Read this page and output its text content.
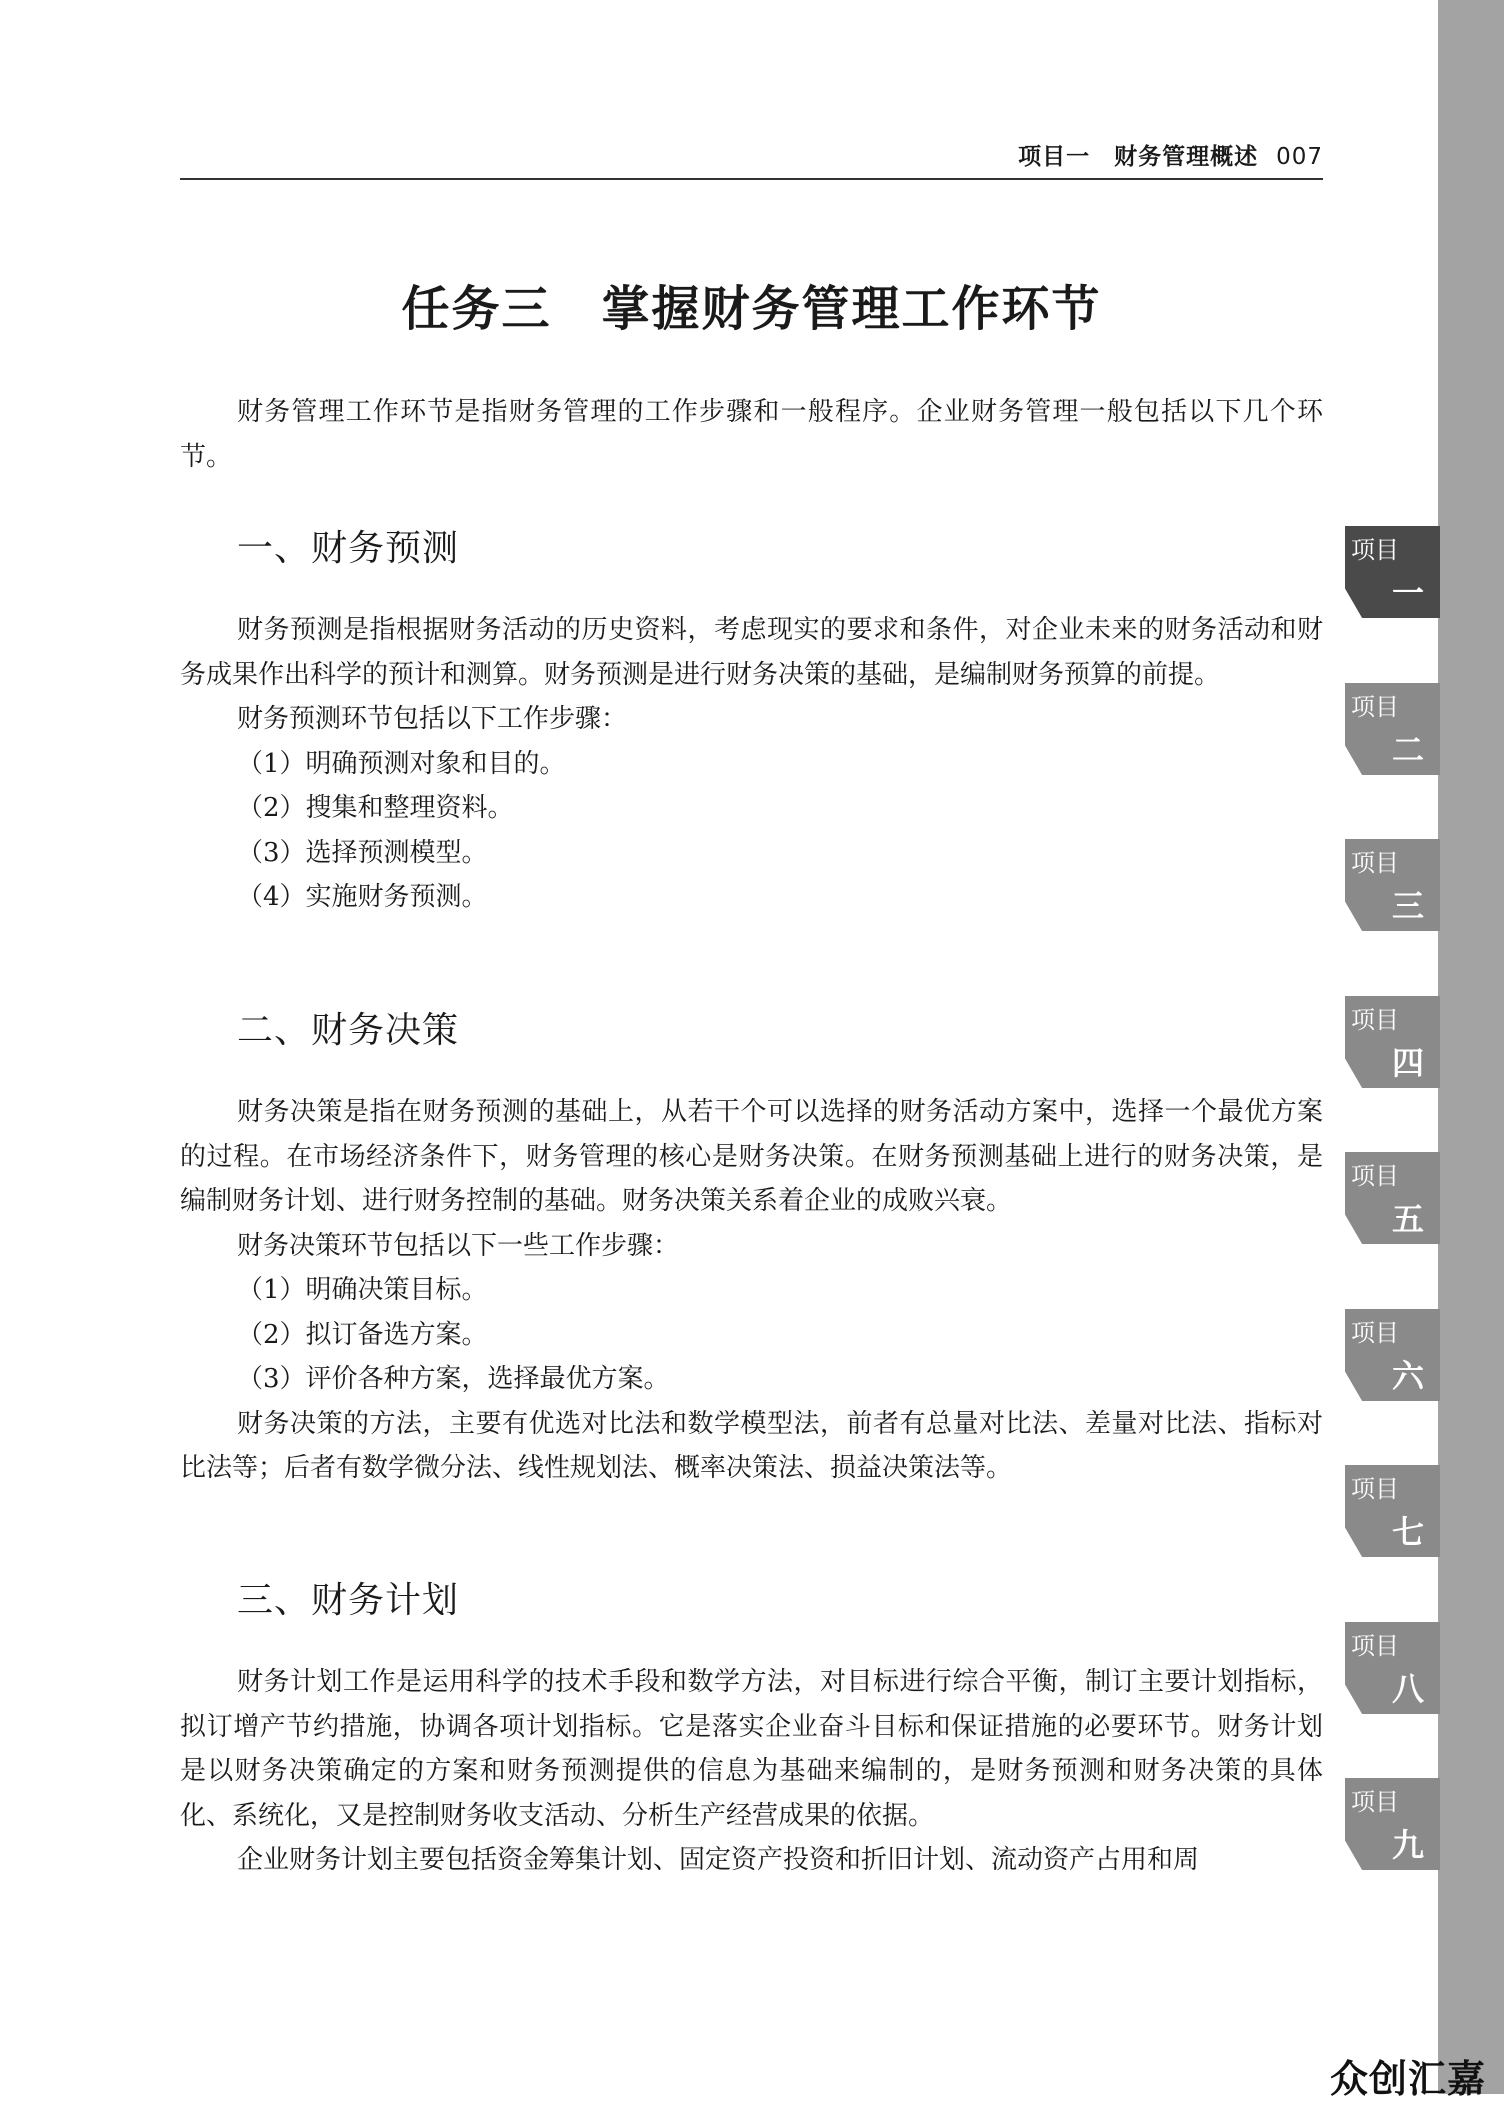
项目一 财务管理概述 007
任务三 掌握财务管理工作环节

财务管理工作环节是指财务管理的工作步骤和一般程序。企业财务管理一般包括以下几个环节。

一、财务预测
财务预测是指根据财务活动的历史资料，考虑现实的要求和条件，对企业未来的财务活动和财务成果作出科学的预计和测算。财务预测是进行财务决策的基础，是编制财务预算的前提。
财务预测环节包括以下工作步骤：
（1）明确预测对象和目的。
（2）搜集和整理资料。
（3）选择预测模型。
（4）实施财务预测。
二、财务决策
财务决策是指在财务预测的基础上，从若干个可以选择的财务活动方案中，选择一个最优方案的过程。在市场经济条件下，财务管理的核心是财务决策。在财务预测基础上进行的财务决策，是编制财务计划、进行财务控制的基础。财务决策关系着企业的成败兴衰。
财务决策环节包括以下一些工作步骤：
（1）明确决策目标。
（2）拟订备选方案。
（3）评价各种方案，选择最优方案。
财务决策的方法，主要有优选对比法和数学模型法，前者有总量对比法、差量对比法、指标对比法等；后者有数学微分法、线性规划法、概率决策法、损益决策法等。
三、财务计划
财务计划工作是运用科学的技术手段和数学方法，对目标进行综合平衡，制订主要计划指标，拟订增产节约措施，协调各项计划指标。它是落实企业奋斗目标和保证措施的必要环节。财务计划是以财务决策确定的方案和财务预测提供的信息为基础来编制的，是财务预测和财务决策的具体化、系统化，又是控制财务收支活动、分析生产经营成果的依据。
企业财务计划主要包括资金筹集计划、固定资产投资和折旧计划、流动资产占用和周
项目
一
项目
二
项目
三
项目
四
项目
五
项目
六
项目
七
项目
八
项目
九
众创汇嘉
